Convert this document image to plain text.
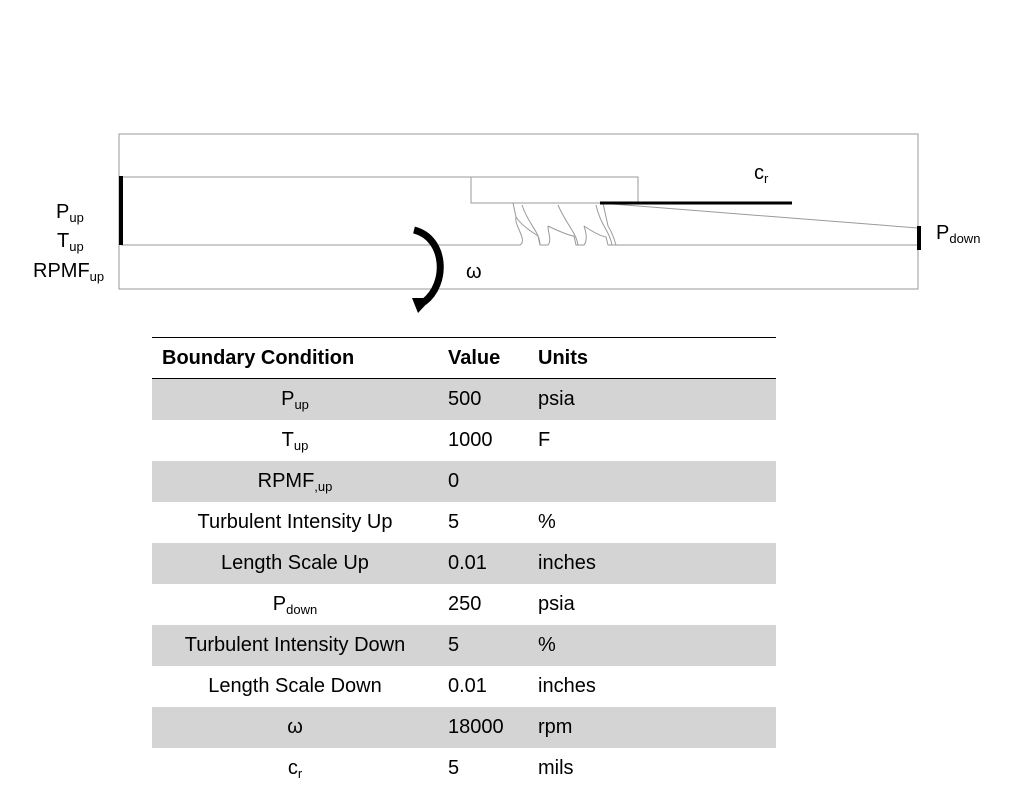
$P_{up}$
$T_{up}$
$RPMF_{up}$
$P_{down}$
$c_r$
ω
Boundary Condition	Value	Units
$P_{up}$	500	psia
$T_{up}$	1000	F
$RPMF_{,up}$	0	
Turbulent Intensity Up	5	%
Length Scale Up	0.01	inches
$P_{down}$	250	psia
Turbulent Intensity Down	5	%
Length Scale Down	0.01	inches
ω	18000	rpm
$c_r$	5	mils
